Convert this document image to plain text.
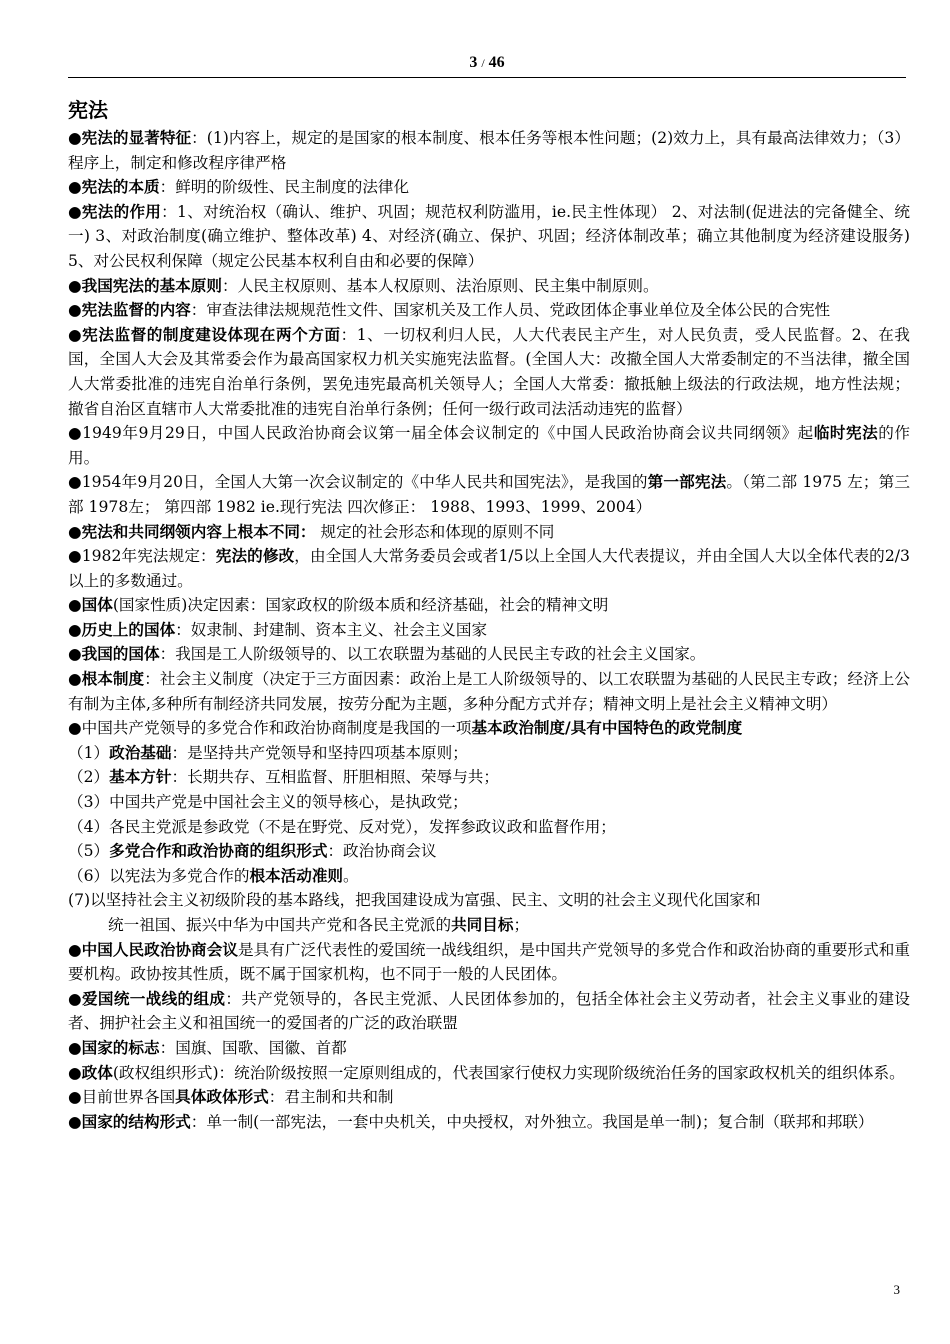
3 / 46
宪法

●宪法的显著特征：(1)内容上，规定的是国家的根本制度、根本任务等根本性问题；(2)效力上，具有最高法律效力；（3）程序上，制定和修改程序律严格

●宪法的本质：鲜明的阶级性、民主制度的法律化

●宪法的作用：1、对统治权（确认、维护、巩固；规范权利防滥用，ie.民主性体现） 2、对法制(促进法的完备健全、统一) 3、对政治制度(确立维护、整体改革) 4、对经济(确立、保护、巩固；经济体制改革；确立其他制度为经济建设服务) 5、对公民权利保障（规定公民基本权利自由和必要的保障）

●我国宪法的基本原则：人民主权原则、基本人权原则、法治原则、民主集中制原则。

●宪法监督的内容：审查法律法规规范性文件、国家机关及工作人员、党政团体企事业单位及全体公民的合宪性

●宪法监督的制度建设体现在两个方面：1、一切权利归人民，人大代表民主产生，对人民负责，受人民监督。2、在我国，全国人大会及其常委会作为最高国家权力机关实施宪法监督。(全国人大：改撤全国人大常委制定的不当法律，撤全国人大常委批准的违宪自治单行条例，罢免违宪最高机关领导人；全国人大常委：撤抵触上级法的行政法规，地方性法规；撤省自治区直辖市人大常委批准的违宪自治单行条例；任何一级行政司法活动违宪的监督）

●1949年9月29日，中国人民政治协商会议第一届全体会议制定的《中国人民政治协商会议共同纲领》起临时宪法的作用。

●1954年9月20日，全国人大第一次会议制定的《中华人民共和国宪法》，是我国的第一部宪法。（第二部 1975 左；第三部 1978左； 第四部 1982 ie.现行宪法 四次修正： 1988、1993、1999、2004）

●宪法和共同纲领内容上根本不同： 规定的社会形态和体现的原则不同

●1982年宪法规定：宪法的修改，由全国人大常务委员会或者1/5以上全国人大代表提议，并由全国人大以全体代表的2/3以上的多数通过。

●国体(国家性质)决定因素：国家政权的阶级本质和经济基础，社会的精神文明

●历史上的国体：奴隶制、封建制、资本主义、社会主义国家

●我国的国体：我国是工人阶级领导的、以工农联盟为基础的人民民主专政的社会主义国家。

●根本制度：社会主义制度（决定于三方面因素：政治上是工人阶级领导的、以工农联盟为基础的人民民主专政；经济上公有制为主体,多种所有制经济共同发展，按劳分配为主题，多种分配方式并存；精神文明上是社会主义精神文明）

●中国共产党领导的多党合作和政治协商制度是我国的一项基本政治制度/具有中国特色的政党制度

（1）政治基础：是坚持共产党领导和坚持四项基本原则；

（2）基本方针：长期共存、互相监督、肝胆相照、荣辱与共；

（3）中国共产党是中国社会主义的领导核心，是执政党；

（4）各民主党派是参政党（不是在野党、反对党），发挥参政议政和监督作用；

（5）多党合作和政治协商的组织形式：政治协商会议

（6）以宪法为多党合作的根本活动准则。

(7)以坚持社会主义初级阶段的基本路线，把我国建设成为富强、民主、文明的社会主义现代化国家和

统一祖国、振兴中华为中国共产党和各民主党派的共同目标；

●中国人民政治协商会议是具有广泛代表性的爱国统一战线组织，是中国共产党领导的多党合作和政治协商的重要形式和重要机构。政协按其性质，既不属于国家机构，也不同于一般的人民团体。

●爱国统一战线的组成：共产党领导的，各民主党派、人民团体参加的，包括全体社会主义劳动者，社会主义事业的建设者、拥护社会主义和祖国统一的爱国者的广泛的政治联盟

●国家的标志：国旗、国歌、国徽、首都

●政体(政权组织形式)：统治阶级按照一定原则组成的，代表国家行使权力实现阶级统治任务的国家政权机关的组织体系。

●目前世界各国具体政体形式：君主制和共和制

●国家的结构形式：单一制(一部宪法，一套中央机关，中央授权，对外独立。我国是单一制)；复合制（联邦和邦联）

3
